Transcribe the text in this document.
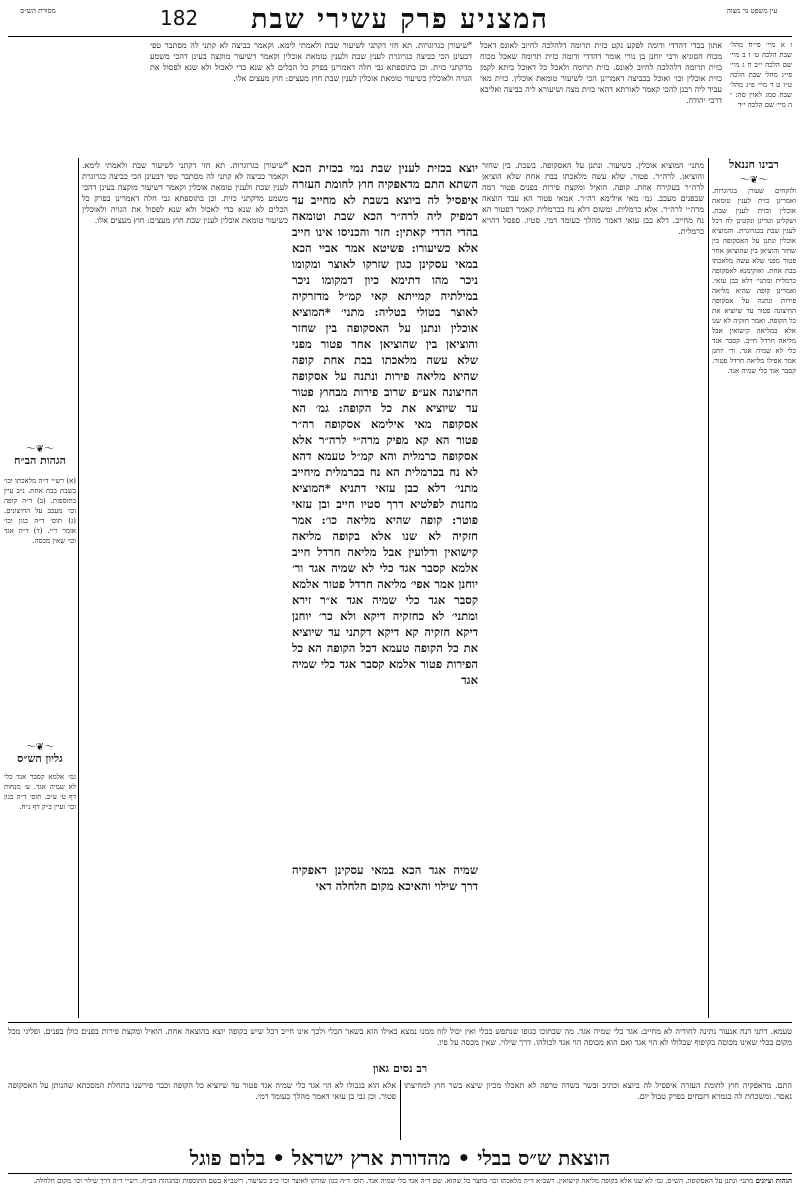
182	המצניע פרק עשירי שבת	עין משפט נר מצוה
מסורת הש״ס
ו א מיי׳ פי״ח מהל׳ שבת הלכה ט׳ ז ב מיי׳ שם הלכה י״ב ח ג מיי׳ פי״ג מהל׳ שבת הלכה ט״ו ט ד מיי׳ פ״ג מהל׳ שבת סמג לאוין סה: י ה מיי׳ שם הלכה י״ד
אתון בכדי דהדדי ודומה לפקע נקט כזית תרומה דלהלכה לחיוב לאונס דאכל מכוח הסוגיא ורבי יוחנן בן נורי אומר דהדדי ודומה כזית תרומה שאכל מכוח כזית תרומה דלהלכה לחיוב לאונס. כזית תרומה ולאכל כל דאוכל ביתא לקמן כזית אוכלין וכו׳ ואוכל בכביצה דאמרינן הכי לשיעור טומאת אוכלין. כזית מאי עביד ליה רבנן להכי קאמר לאורתא דהאי כזית מצה ושיעורא ליה כביצה ואליבא דרבי יהודה.
*שיעורן כגרוגרות. תא חזי דקתני לשיעור שבת ולאמתי לימא. וקאמר כביצה לא קתני לה מסתבר טפי דבעינן הכי כביצה כגרוגרת לענין שבת ולענין טומאת אוכלין וקאמר דשיעור מוקצה בעינן דהכי משמע מדקתני כזית. וכן בתוספתא גבי חלה דאמרינן בפרק כל הכלים לא שנא כדי לאכול ולא שנא לפסול את הגויה ולאוכלין כשיעור טומאת אוכלין לענין שבת חוץ מעצים: חוץ מעצים אלו.
רבינו חננאל
〜❦〜
ולוקחים שעורן בגרוגרות. ואמרינן כזית לענין טומאת אוכלין וכזית לענין שבת. ושקלינן וטרינן ונקטינן לה דכל לענין שבת בכגרוגרת. והמוציא אוכלין ונתנן על האסקופה בין שחזר והוציאן בין שהוציאן אחר פטור מפני שלא עשה מלאכתו בבת אחת. ואוקימנא לאסקופה כרמלית ומתני׳ דלא כבן עזאי. ואמרינן קופה שהיא מליאה פירות ונתנה על אסקופה החיצונה פטור עד שיוציא את כל הקופה. ואמר חזקיה לא שנו אלא במליאה קישואין אבל מליאה חרדל חייב. קסבר אגד כלי לא שמיה אגד. ור׳ יוחנן אמר אפילו מליאה חרדל פטור. קסבר אגד כלי שמיה אגד.
מתני׳ המוציא אוכלין. כשיעור. ונתנן על האסקופה. בשבת. בין שחזר והוציאן. לרה״ר. פטור. שלא עשה מלאכתו בבת אחת שלא הוציאן לרה״ר בעקירה אחת. קופה. הואיל ומקצת פירות בפנים פטור דמה שבפנים מעכב. גמ׳ מאי אילימא רה״ר. אמאי פטור הא עבד הוצאה מרה״י לרה״ר. אלא כרמלית. ומשום דלא נח בכרמלית קאמר דפטור הא נח מחייב. דלא כבן עזאי דאמר מהלך כעומד דמי. סטיו. ספסל דהויא כרמלית.
יוצא בכזית לענין שבת נמי בכזית הכא השתא התם מדאפקיה חוץ לחומת העזרה איפסיל לה ביוצא בשבת לא מחייב עד דמפיק ליה לרה״ר הכא שבת וטומאה בהדי הדדי קאתין: חזר והכניסו אינו חייב אלא כשיעורו: פשיטא אמר אביי הכא במאי עסקינן כגון שזרקו לאוצר ומקומו ניכר מהו דתימא כיון דמקומו ניכר במילתיה קמייתא קאי קמ״ל מדזרקיה לאוצר בטולי בטליה: מתני׳ *המוציא אוכלין ונתנן על האסקופה בין שחזר והוציאן בין שהוציאן אחר פטור מפני שלא עשה מלאכתו בבת אחת קופה שהיא מליאה פירות ונתנה על אסקופה החיצונה אע״פ שרוב פירות מבחוץ פטור עד שיוציא את כל הקופה: גמ׳ הא אסקופה מאי אילימא אסקופה רה״ר פטור הא קא מפיק מרה״י לרה״ר אלא אסקופה כרמלית והא קמ״ל טעמא דהא לא נח בכרמלית הא נח בכרמלית מיחייב מתני׳ דלא כבן עזאי דתניא *המוציא מחנות לפלטיא דרך סטיו חייב ובן עזאי פוטר: קופה שהיא מליאה כו׳: אמר חזקיה לא שנו אלא בקופה מליאה קישואין ודלועין אבל מליאה חרדל חייב אלמא קסבר אגד כלי לא שמיה אגד ור׳ יוחנן אמר אפי׳ מליאה חרדל פטור אלמא קסבר אגד כלי שמיה אגד א״ר זירא ומתני׳ לא כחזקיה דיקא ולא כר׳ יוחנן דיקא חזקיה קא דיקא דקתני עד שיוציא את כל הקופה טעמא דכל הקופה הא כל הפירות פטור אלמא קסבר אגד כלי שמיה אגד
שמיה אגד הכא במאי עסקינן דאפקיה דרך שילוי והאיכא מקום חלחלה דאי
*שיעורן כגרוגרות. תא חזי דקתני לשיעור שבת ולאמתי לימא. וקאמר כביצה לא קתני לה מסתבר טפי דבעינן הכי כביצה כגרוגרת לענין שבת ולענין טומאת אוכלין וקאמר דשיעור מוקצה בעינן דהכי משמע מדקתני כזית. וכן בתוספתא גבי חלה דאמרינן בפרק כל הכלים לא שנא כדי לאכול ולא שנא לפסול את הגויה ולאוכלין כשיעור טומאת אוכלין לענין שבת חוץ מעצים: חוץ מעצים אלו.
〜❦〜
הגהות הב״ח
(א) רש״י ד״ה מלאכתו וכו׳ בשבת בבת אחת. נ״ב עיין בתוספות. (ב) ד״ה קופה וכו׳ מעכב על החיצונים. (ג) תוס׳ ד״ה כגון וכו׳ אומר ר״י. (ד) ד״ה אגד וכו׳ שאין מכסה.
〜❦〜
גליון הש״ס
גמ׳ אלמא קסבר אגד כלי לא שמיה אגד. ע׳ מנחות דף ט׳ ע״ב. תוס׳ ד״ה כגון וכו׳ ועיין ב״ק דף נ״ח.
טעמא. דתני דנח אנעור נתינה לחודיה לא מחייב: אגד כלי שמיה אגד. מה שבתוכו כגופו שנתפש בכלי ואין יכול לזוז ממנו נמצא כאילו הוא בשאר הכלי ולכך אינו חייב דכל שיש בקופה יוצא בהוצאה אחת. הואיל ומקצת פירות בפנים כולן בפנים. ופליגי מכל מקום בכלי שאינו מכוסה בקיפוף שבלולו לא הוי אגד ואם הוא מכוסה הוי אגד לכולהו. דרך שילוי. שאין מכסה על פיו.
רב נסים גאון
התם. מדאפקיה חוץ לחומת העזרה איפסיל לה ביוצא וכתיב ובשר בשדה טרפה לא תאכלו מכיון שיצא בשר חוץ למחיצתו נאסר. ומשכחת לה בגמרא דזבחים בפרק טבול יום.
אלא הוא בגבולו לא הוי אגד כלי שמיה אגד פטור עד שיוציא כל הקופה וכבר פירשנו בתחלת המסכתא שהנותן על האסקופה פטור. וכן גבי בן עזאי דאמר מהלך כעומד דמי.
הוצאת ש״ס בבלי • מהדורת ארץ ישראל • בלום פוגל
הגהות וציונים מתני׳ ונתנן על האסקופה. הש״ס. גמ׳ לא שנו אלא בקופה מליאה קישואין. רשב״א ד״ה מלאכתו וכו׳ בחצר כל שהוא. שם ד״ה אגד כלי שמיה אגד. תוס׳ ד״ה כגון שזרקו לאוצר וכו׳ כ״ב כשיעור. ריטב״א בשם התוספות ובהגהות הב״ח. רש״י ד״ה דרך שילוי וכו׳ מקום חלחלה.
